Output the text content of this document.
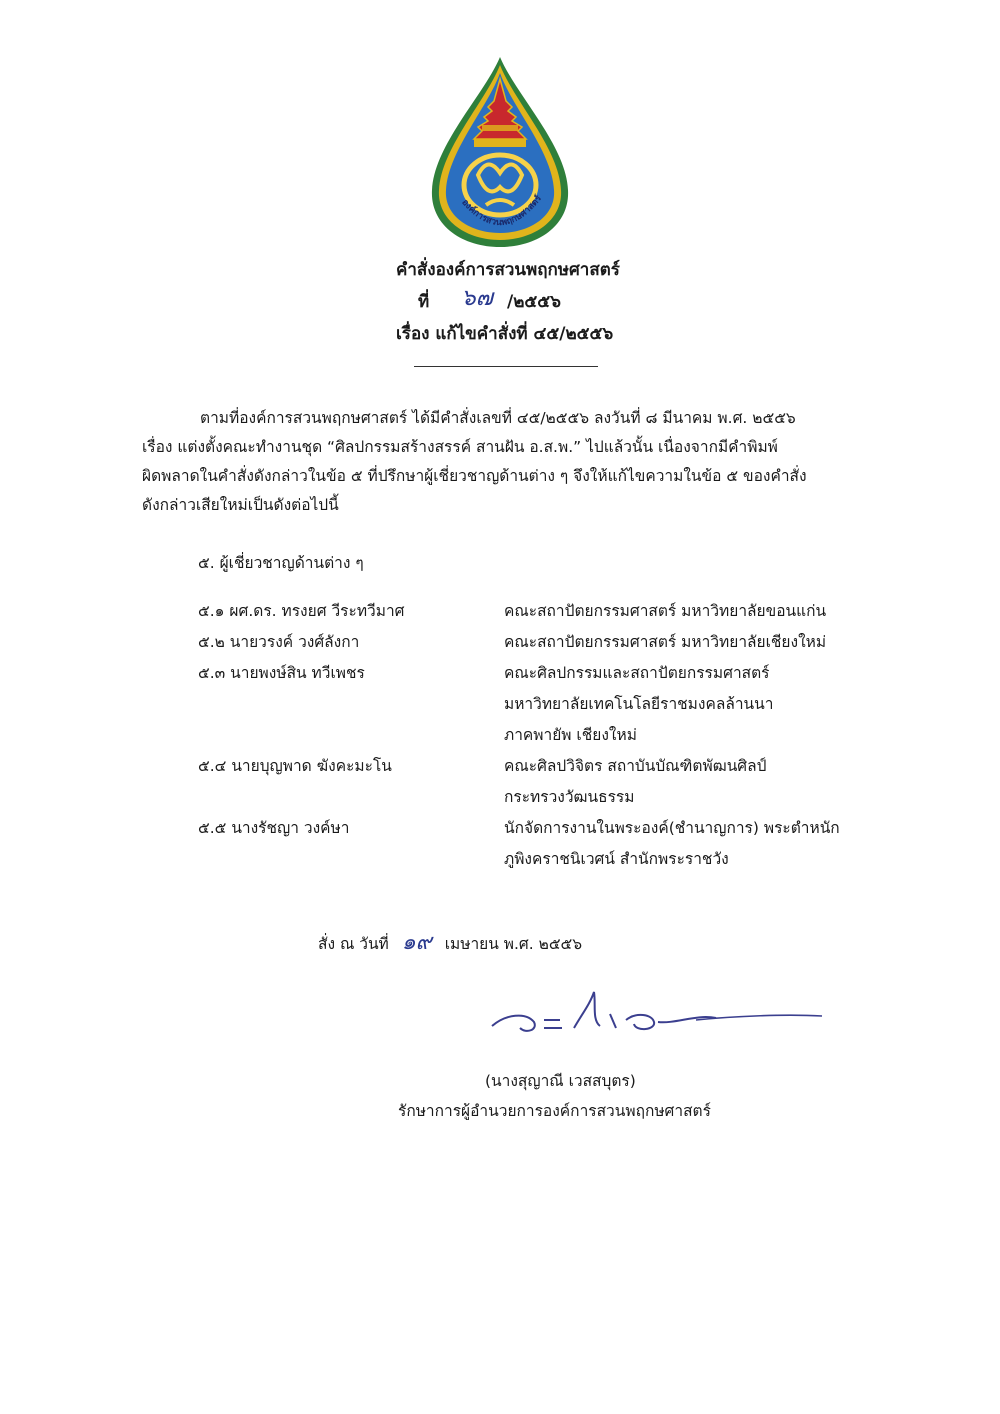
องค์การสวนพฤกษศาสตร์
คำสั่งองค์การสวนพฤกษศาสตร์
ที่ ๖๗ /๒๕๕๖
เรื่อง แก้ไขคำสั่งที่ ๔๕/๒๕๕๖
ตามที่องค์การสวนพฤกษศาสตร์ ได้มีคำสั่งเลขที่ ๔๕/๒๕๕๖ ลงวันที่ ๘ มีนาคม พ.ศ. ๒๕๕๖
เรื่อง แต่งตั้งคณะทำงานชุด “ศิลปกรรมสร้างสรรค์ สานฝัน อ.ส.พ.” ไปแล้วนั้น เนื่องจากมีคำพิมพ์
ผิดพลาดในคำสั่งดังกล่าวในข้อ ๕ ที่ปรึกษาผู้เชี่ยวชาญด้านต่าง ๆ จึงให้แก้ไขความในข้อ ๕ ของคำสั่ง
ดังกล่าวเสียใหม่เป็นดังต่อไปนี้
๕. ผู้เชี่ยวชาญด้านต่าง ๆ
๕.๑ ผศ.ดร. ทรงยศ วีระทวีมาศ	คณะสถาปัตยกรรมศาสตร์ มหาวิทยาลัยขอนแก่น
๕.๒ นายวรงค์ วงศ์ลังกา	คณะสถาปัตยกรรมศาสตร์ มหาวิทยาลัยเชียงใหม่
๕.๓ นายพงษ์สิน ทวีเพชร	คณะศิลปกรรมและสถาปัตยกรรมศาสตร์
มหาวิทยาลัยเทคโนโลยีราชมงคลล้านนา
ภาคพายัพ เชียงใหม่
๕.๔ นายบุญพาด ฆังคะมะโน	คณะศิลปวิจิตร สถาบันบัณฑิตพัฒนศิลป์
กระทรวงวัฒนธรรม
๕.๕ นางรัชญา วงค์ษา	นักจัดการงานในพระองค์(ชำนาญการ) พระตำหนัก
ภูพิงคราชนิเวศน์ สำนักพระราชวัง
สั่ง ณ วันที่ ๑๙ เมษายน พ.ศ. ๒๕๕๖
(นางสุญาณี เวสสบุตร)
รักษาการผู้อำนวยการองค์การสวนพฤกษศาสตร์
